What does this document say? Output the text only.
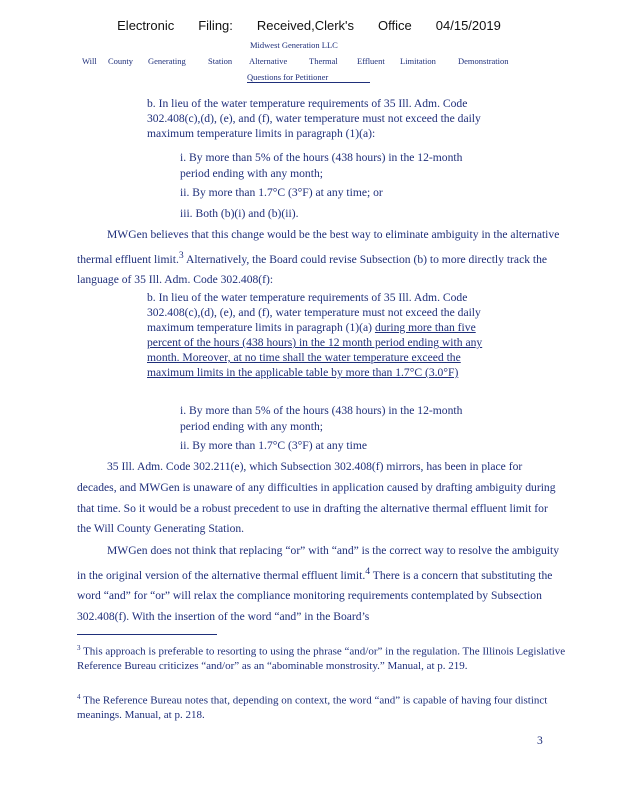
Electronic Filing: Received,Clerk's Office 04/15/2019
Midwest Generation LLC
Will County Generating	Station Alternative	Thermal Effluent Limitation	Demonstration
Questions for Petitioner
b. In lieu of the water temperature requirements of 35 Ill. Adm. Code 302.408(c),(d), (e), and (f), water temperature must not exceed the daily maximum temperature limits in paragraph (1)(a):
i. By more than 5% of the hours (438 hours) in the 12-month period ending with any month;
ii. By more than 1.7°C (3°F) at any time; or
iii. Both (b)(i) and (b)(ii).
MWGen believes that this change would be the best way to eliminate ambiguity in the alternative thermal effluent limit.$^3$ Alternatively, the Board could revise Subsection (b) to more directly track the language of 35 Ill. Adm. Code 302.408(f):
b. In lieu of the water temperature requirements of 35 Ill. Adm. Code 302.408(c),(d), (e), and (f), water temperature must not exceed the daily maximum temperature limits in paragraph (1)(a) during more than five percent of the hours (438 hours) in the 12 month period ending with any month. Moreover, at no time shall the water temperature exceed the maximum limits in the applicable table by more than 1.7°C (3.0°F)
i. By more than 5% of the hours (438 hours) in the 12-month period ending with any month;
ii. By more than 1.7°C (3°F) at any time
35 Ill. Adm. Code 302.211(e), which Subsection 302.408(f) mirrors, has been in place for decades, and MWGen is unaware of any difficulties in application caused by drafting ambiguity during that time. So it would be a robust precedent to use in drafting the alternative thermal effluent limit for the Will County Generating Station.
MWGen does not think that replacing “or” with “and” is the correct way to resolve the ambiguity in the original version of the alternative thermal effluent limit.$^4$ There is a concern that substituting the word “and” for “or” will relax the compliance monitoring requirements contemplated by Subsection 302.408(f). With the insertion of the word “and” in the Board’s
$^3$ This approach is preferable to resorting to using the phrase “and/or” in the regulation. The Illinois Legislative Reference Bureau criticizes “and/or” as an “abominable monstrosity.” Manual, at p. 219.
$^4$ The Reference Bureau notes that, depending on context, the word “and” is capable of having four distinct meanings. Manual, at p. 218.
3
